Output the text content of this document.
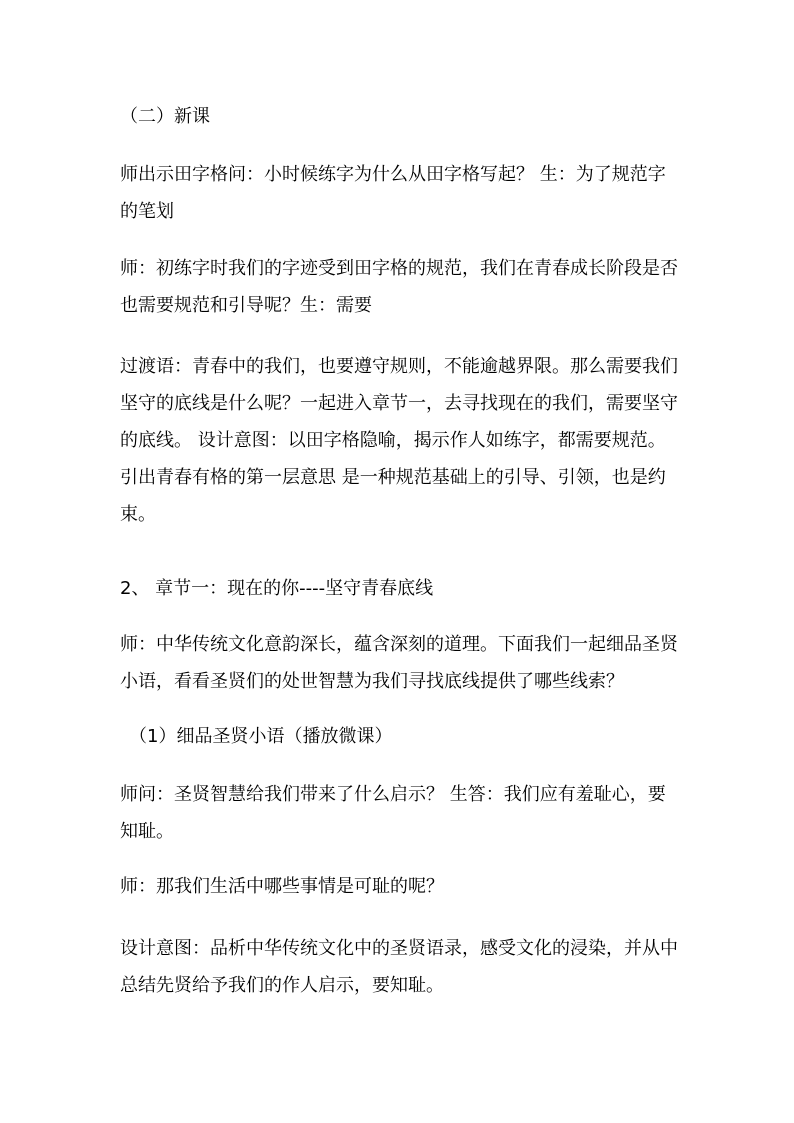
（二）新课

师出示田字格问：小时候练字为什么从田字格写起？ 生：为了规范字的笔划

师：初练字时我们的字迹受到田字格的规范，我们在青春成长阶段是否也需要规范和引导呢？生：需要

过渡语：青春中的我们，也要遵守规则，不能逾越界限。那么需要我们坚守的底线是什么呢？一起进入章节一，去寻找现在的我们，需要坚守的底线。 设计意图：以田字格隐喻，揭示作人如练字，都需要规范。引出青春有格的第一层意思 是一种规范基础上的引导、引领，也是约束。

2、 章节一：现在的你----坚守青春底线

师：中华传统文化意韵深长，蕴含深刻的道理。下面我们一起细品圣贤小语，看看圣贤们的处世智慧为我们寻找底线提供了哪些线索？

（1）细品圣贤小语（播放微课）

师问：圣贤智慧给我们带来了什么启示？ 生答：我们应有羞耻心，要知耻。

师：那我们生活中哪些事情是可耻的呢？

设计意图：品析中华传统文化中的圣贤语录，感受文化的浸染，并从中总结先贤给予我们的作人启示，要知耻。
